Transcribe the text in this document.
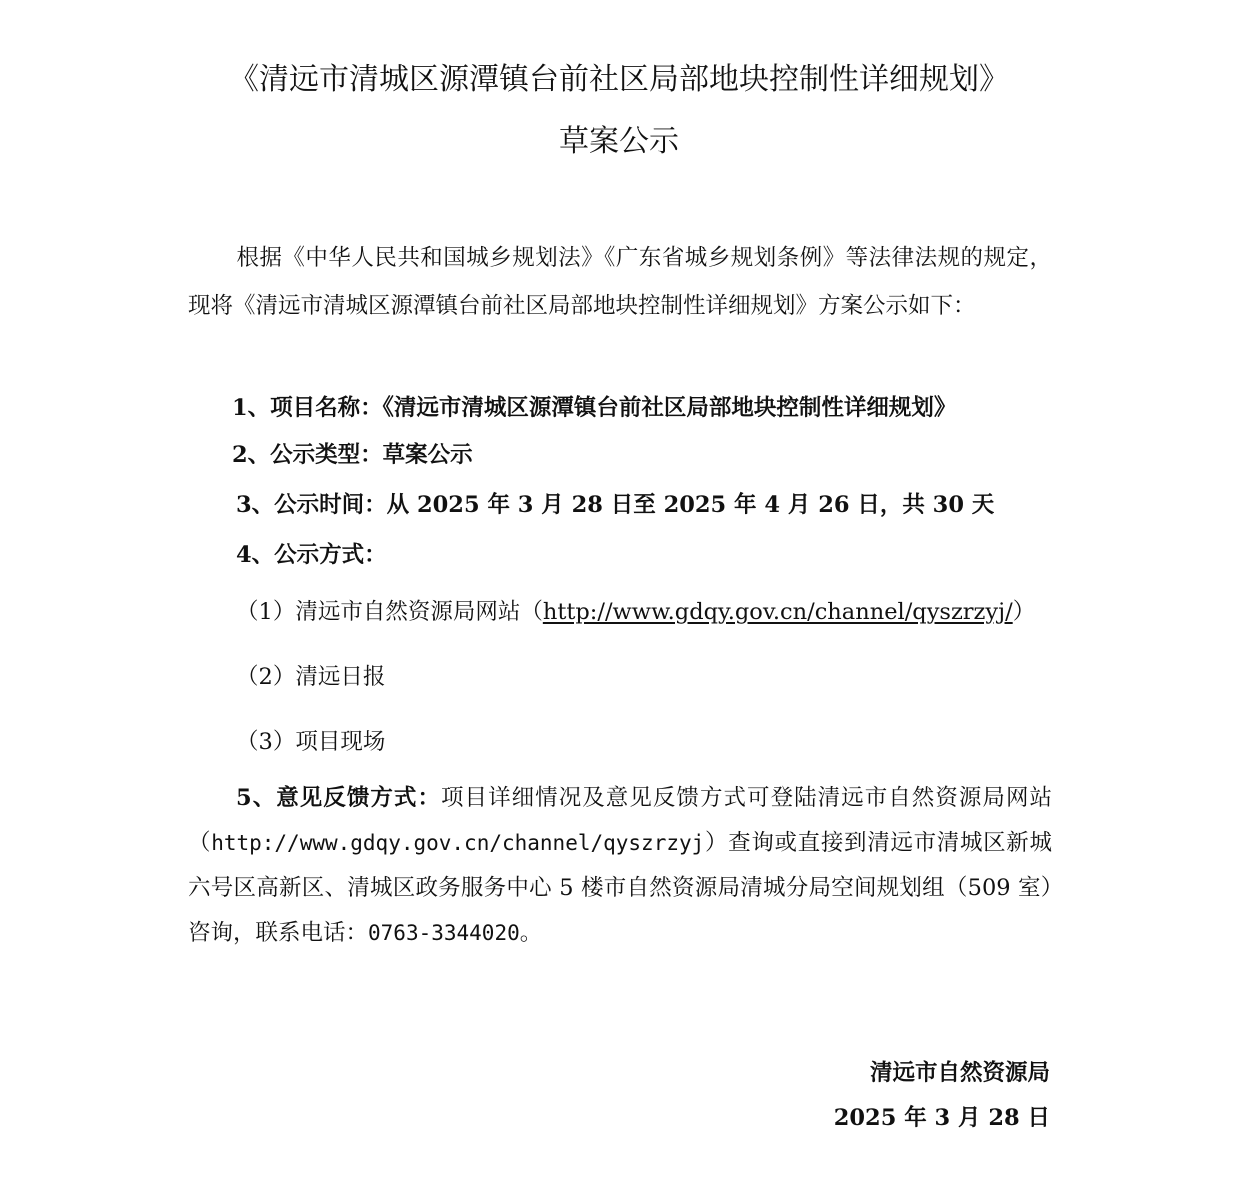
《清远市清城区源潭镇台前社区局部地块控制性详细规划》
草案公示
根据《中华人民共和国城乡规划法》《广东省城乡规划条例》等法律法规的规定，现将《清远市清城区源潭镇台前社区局部地块控制性详细规划》方案公示如下：
1、项目名称：《清远市清城区源潭镇台前社区局部地块控制性详细规划》
2、公示类型：草案公示
3、公示时间：从 2025 年 3 月 28 日至 2025 年 4 月 26 日，共 30 天
4、公示方式：
（1）清远市自然资源局网站（http://www.gdqy.gov.cn/channel/qyszrzyj/）
（2）清远日报
（3）项目现场
5、意见反馈方式：项目详细情况及意见反馈方式可登陆清远市自然资源局网站（http://www.gdqy.gov.cn/channel/qyszrzyj）查询或直接到清远市清城区新城六号区高新区、清城区政务服务中心 5 楼市自然资源局清城分局空间规划组（509 室）咨询，联系电话：0763-3344020。
清远市自然资源局
2025 年 3 月 28 日
